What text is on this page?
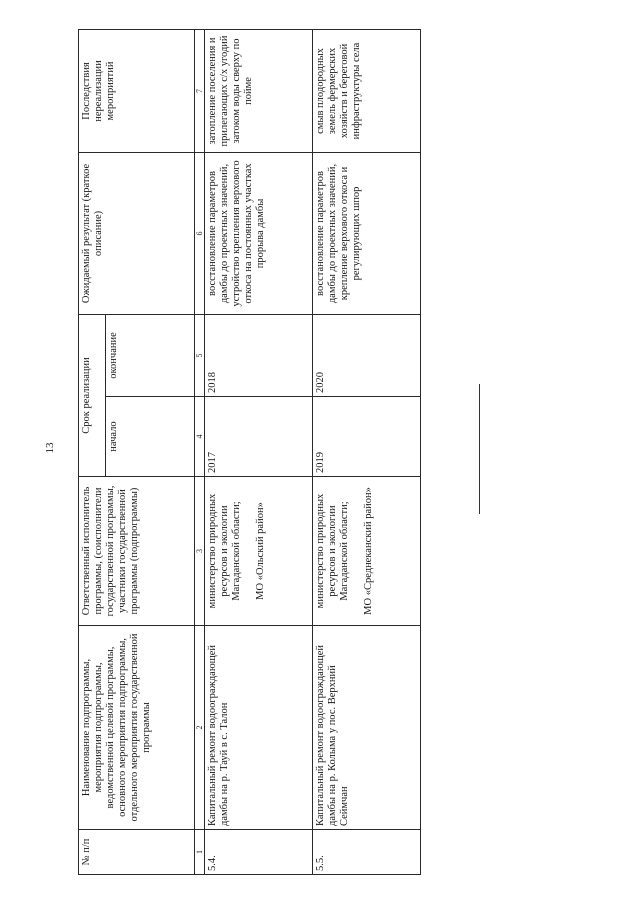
13
№ п/п	Наименование подпрограммы, мероприятия подпрограммы, ведомственной целевой программы, основного мероприятия подпрограммы, отдельного мероприятия государственной программы	Ответственный исполнитель программы, (соисполнители государственной программы, участники государственной программы (подпрограммы)	Срок реализации		Ожидаемый результат (краткое описание)	Последствия нереализации мероприятий
			начало	окончание		
1	2	3	4	5	6	7
5.4.	Капитальный ремонт водоограждающей дамбы на р. Тауй в с. Талон	министерство природных ресурсов и экологии Магаданской области; МО «Ольский район»	2017	2018	восстановление параметров дамбы до проектных значений, устройство крепления верхового откоса на постоянных участках прорыва дамбы	затопление поселения и прилегающих с/х угодий затоком воды сверху по пойме
5.5.	Капитальный ремонт водоограждающей дамбы на р. Колыма у пос. Верхний Сеймчан	министерство природных ресурсов и экологии Магаданской области; МО «Среднеканский район»	2019	2020	восстановление параметров дамбы до проектных значений, крепление верхового откоса и регулирующих шпор	смыв плодородных земель фермерских хозяйств и береговой инфраструктуры села
